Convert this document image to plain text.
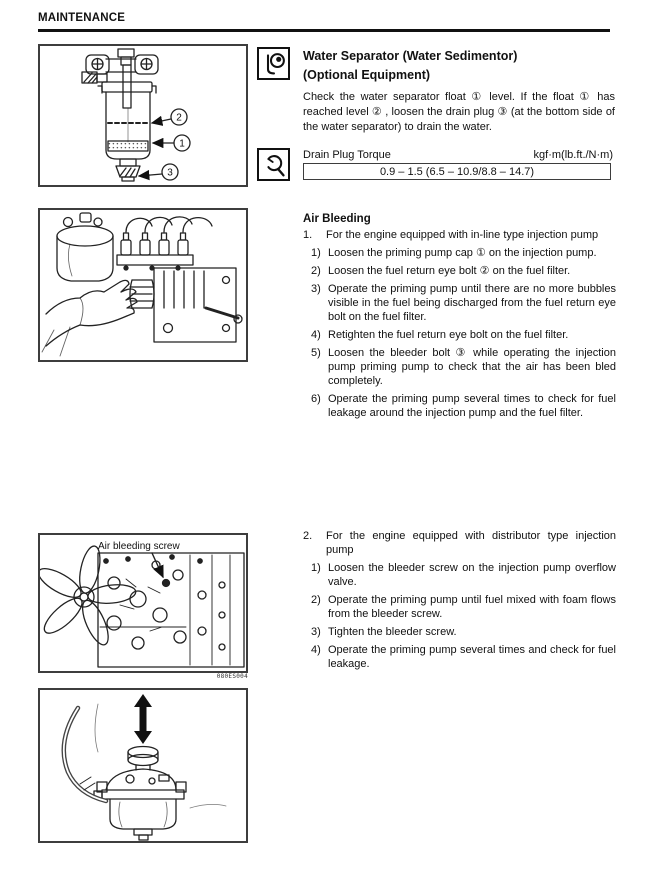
MAINTENANCE
2
1
3
Air bleeding screw
080ES004
Water Separator (Water Sedimentor)
(Optional Equipment)
Check the water separator float ① level. If the float ① has reached level ② , loosen the drain plug ③ (at the bottom side of the water separator) to drain the water.
Drain Plug Torque	kgf·m(lb.ft./N·m)
0.9 – 1.5 (6.5 – 10.9/8.8 – 14.7)
Air Bleeding
1.	For the engine equipped with in-line type injection pump
1) Loosen the priming pump cap ① on the injection pump.
2) Loosen the fuel return eye bolt ② on the fuel filter.
3) Operate the priming pump until there are no more bubbles visible in the fuel being discharged from the fuel return eye bolt on the fuel filter.
4) Retighten the fuel return eye bolt on the fuel filter.
5) Loosen the bleeder bolt ③ while operating the injection pump priming pump to check that the air has been bled completely.
6) Operate the priming pump several times to check for fuel leakage around the injection pump and the fuel filter.
2.	For the engine equipped with distributor type injection pump
1) Loosen the bleeder screw on the injection pump overflow valve.
2) Operate the priming pump until fuel mixed with foam flows from the bleeder screw.
3) Tighten the bleeder screw.
4) Operate the priming pump several times and check for fuel leakage.
